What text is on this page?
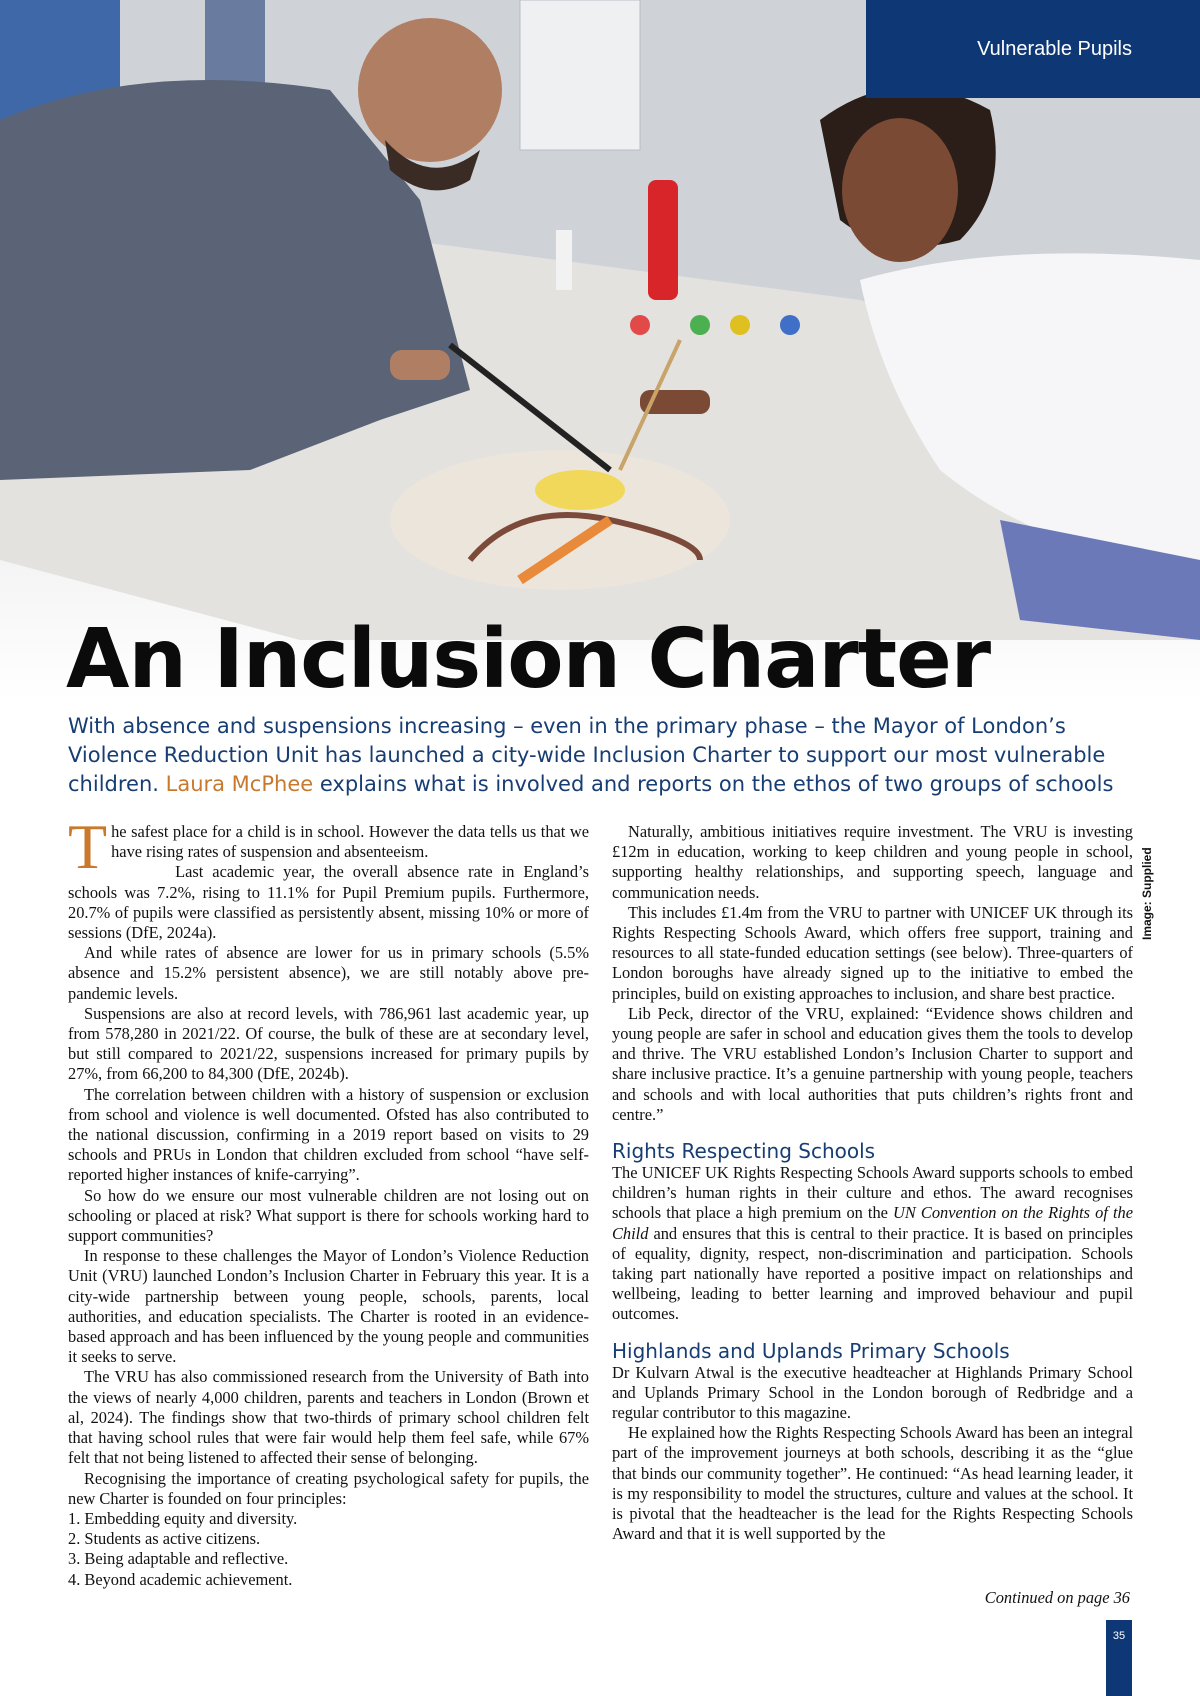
Vulnerable Pupils
Image: Supplied
An Inclusion Charter

With absence and suspensions increasing – even in the primary phase – the Mayor of London’s Violence Reduction Unit has launched a city-wide Inclusion Charter to support our most vulnerable children. Laura McPhee explains what is involved and reports on the ethos of two groups of schools

The safest place for a child is in school. However the data tells us that we have rising rates of suspension and absenteeism.

Last academic year, the overall absence rate in England’s schools was 7.2%, rising to 11.1% for Pupil Premium pupils. Furthermore, 20.7% of pupils were classified as persistently absent, missing 10% or more of sessions (DfE, 2024a).

And while rates of absence are lower for us in primary schools (5.5% absence and 15.2% persistent absence), we are still notably above pre-pandemic levels.

Suspensions are also at record levels, with 786,961 last academic year, up from 578,280 in 2021/22. Of course, the bulk of these are at secondary level, but still compared to 2021/22, suspensions increased for primary pupils by 27%, from 66,200 to 84,300 (DfE, 2024b).

The correlation between children with a history of suspension or exclusion from school and violence is well documented. Ofsted has also contributed to the national discussion, confirming in a 2019 report based on visits to 29 schools and PRUs in London that children excluded from school “have self-reported higher instances of knife-carrying”.

So how do we ensure our most vulnerable children are not losing out on schooling or placed at risk? What support is there for schools working hard to support communities?

In response to these challenges the Mayor of London’s Violence Reduction Unit (VRU) launched London’s Inclusion Charter in February this year. It is a city-wide partnership between young people, schools, parents, local authorities, and education specialists. The Charter is rooted in an evidence-based approach and has been influenced by the young people and communities it seeks to serve.

The VRU has also commissioned research from the University of Bath into the views of nearly 4,000 children, parents and teachers in London (Brown et al, 2024). The findings show that two-thirds of primary school children felt that having school rules that were fair would help them feel safe, while 67% felt that not being listened to affected their sense of belonging.

Recognising the importance of creating psychological safety for pupils, the new Charter is founded on four principles:

1. Embedding equity and diversity.
2. Students as active citizens.
3. Being adaptable and reflective.
4. Beyond academic achievement.

Naturally, ambitious initiatives require investment. The VRU is investing £12m in education, working to keep children and young people in school, supporting healthy relationships, and supporting speech, language and communication needs.

This includes £1.4m from the VRU to partner with UNICEF UK through its Rights Respecting Schools Award, which offers free support, training and resources to all state-funded education settings (see below). Three-quarters of London boroughs have already signed up to the initiative to embed the principles, build on existing approaches to inclusion, and share best practice.

Lib Peck, director of the VRU, explained: “Evidence shows children and young people are safer in school and education gives them the tools to develop and thrive. The VRU established London’s Inclusion Charter to support and share inclusive practice. It’s a genuine partnership with young people, teachers and schools and with local authorities that puts children’s rights front and centre.”

Rights Respecting Schools

The UNICEF UK Rights Respecting Schools Award supports schools to embed children’s human rights in their culture and ethos. The award recognises schools that place a high premium on the UN Convention on the Rights of the Child and ensures that this is central to their practice. It is based on principles of equality, dignity, respect, non-discrimination and participation. Schools taking part nationally have reported a positive impact on relationships and wellbeing, leading to better learning and improved behaviour and pupil outcomes.

Highlands and Uplands Primary Schools

Dr Kulvarn Atwal is the executive headteacher at Highlands Primary School and Uplands Primary School in the London borough of Redbridge and a regular contributor to this magazine.

He explained how the Rights Respecting Schools Award has been an integral part of the improvement journeys at both schools, describing it as the “glue that binds our community together”. He continued: “As head learning leader, it is my responsibility to model the structures, culture and values at the school. It is pivotal that the headteacher is the lead for the Rights Respecting Schools Award and that it is well supported by the

Continued on page 36
35
